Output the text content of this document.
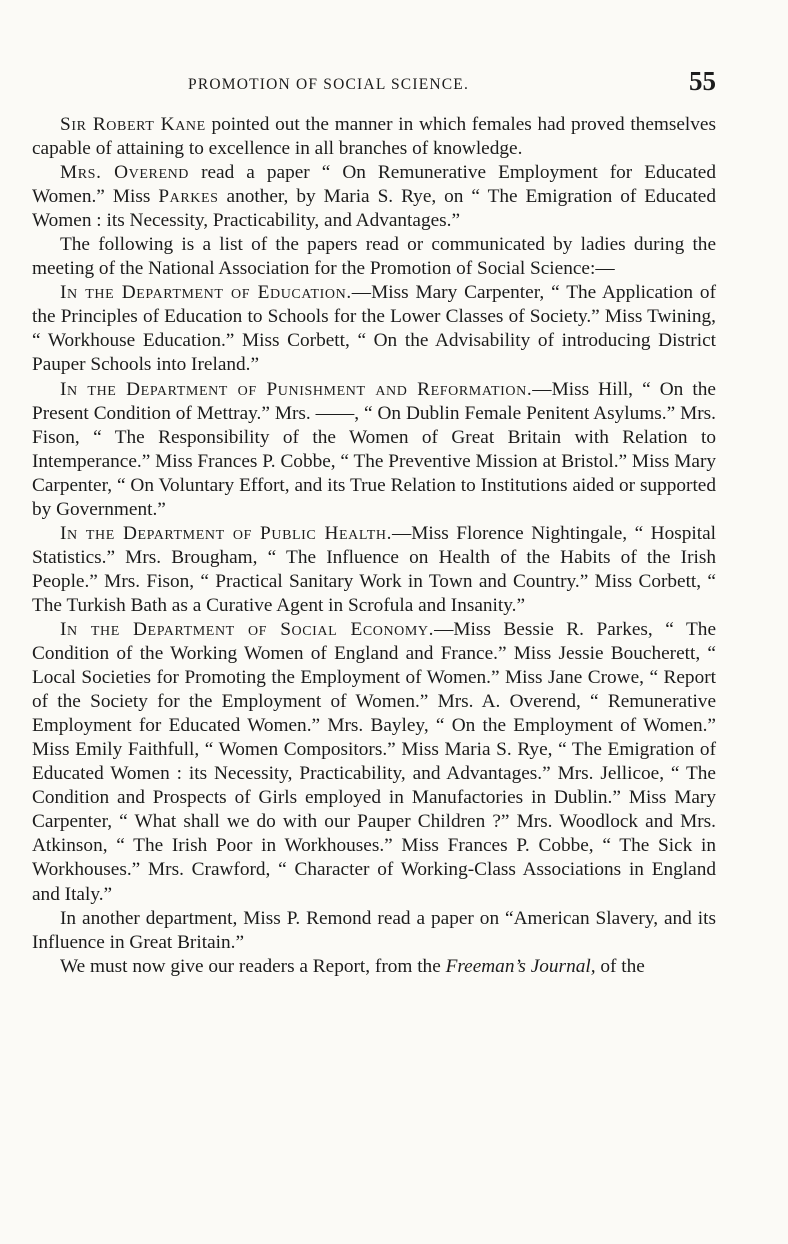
PROMOTION OF SOCIAL SCIENCE.	55

Sir Robert Kane pointed out the manner in which females had proved themselves capable of attaining to excellence in all branches of knowledge.

Mrs. Overend read a paper “ On Remunerative Employment for Educated Women.” Miss Parkes another, by Maria S. Rye, on “ The Emigration of Educated Women : its Necessity, Practicability, and Advantages.”

The following is a list of the papers read or communicated by ladies during the meeting of the National Association for the Promotion of Social Science:—

In the Department of Education.—Miss Mary Carpenter, “ The Application of the Principles of Education to Schools for the Lower Classes of Society.” Miss Twining, “ Workhouse Education.” Miss Corbett, “ On the Advisability of introducing District Pauper Schools into Ireland.”

In the Department of Punishment and Reformation.—Miss Hill, “ On the Present Condition of Mettray.” Mrs. ——, “ On Dublin Female Penitent Asylums.” Mrs. Fison, “ The Responsibility of the Women of Great Britain with Relation to Intemperance.” Miss Frances P. Cobbe, “ The Preventive Mission at Bristol.” Miss Mary Carpenter, “ On Voluntary Effort, and its True Relation to Institutions aided or supported by Government.”

In the Department of Public Health.—Miss Florence Nightingale, “ Hospital Statistics.” Mrs. Brougham, “ The Influence on Health of the Habits of the Irish People.” Mrs. Fison, “ Practical Sanitary Work in Town and Country.” Miss Corbett, “ The Turkish Bath as a Curative Agent in Scrofula and Insanity.”

In the Department of Social Economy.—Miss Bessie R. Parkes, “ The Condition of the Working Women of England and France.” Miss Jessie Boucherett, “ Local Societies for Promoting the Employment of Women.” Miss Jane Crowe, “ Report of the Society for the Employment of Women.” Mrs. A. Overend, “ Remunerative Employment for Educated Women.” Mrs. Bayley, “ On the Employment of Women.” Miss Emily Faithfull, “ Women Compositors.” Miss Maria S. Rye, “ The Emigration of Educated Women : its Necessity, Practicability, and Advantages.” Mrs. Jellicoe, “ The Condition and Prospects of Girls employed in Manufactories in Dublin.” Miss Mary Carpenter, “ What shall we do with our Pauper Children ?” Mrs. Woodlock and Mrs. Atkinson, “ The Irish Poor in Workhouses.” Miss Frances P. Cobbe, “ The Sick in Workhouses.” Mrs. Crawford, “ Character of Working-Class Associations in England and Italy.”

In another department, Miss P. Remond read a paper on “American Slavery, and its Influence in Great Britain.”

We must now give our readers a Report, from the Freeman’s Journal, of the
